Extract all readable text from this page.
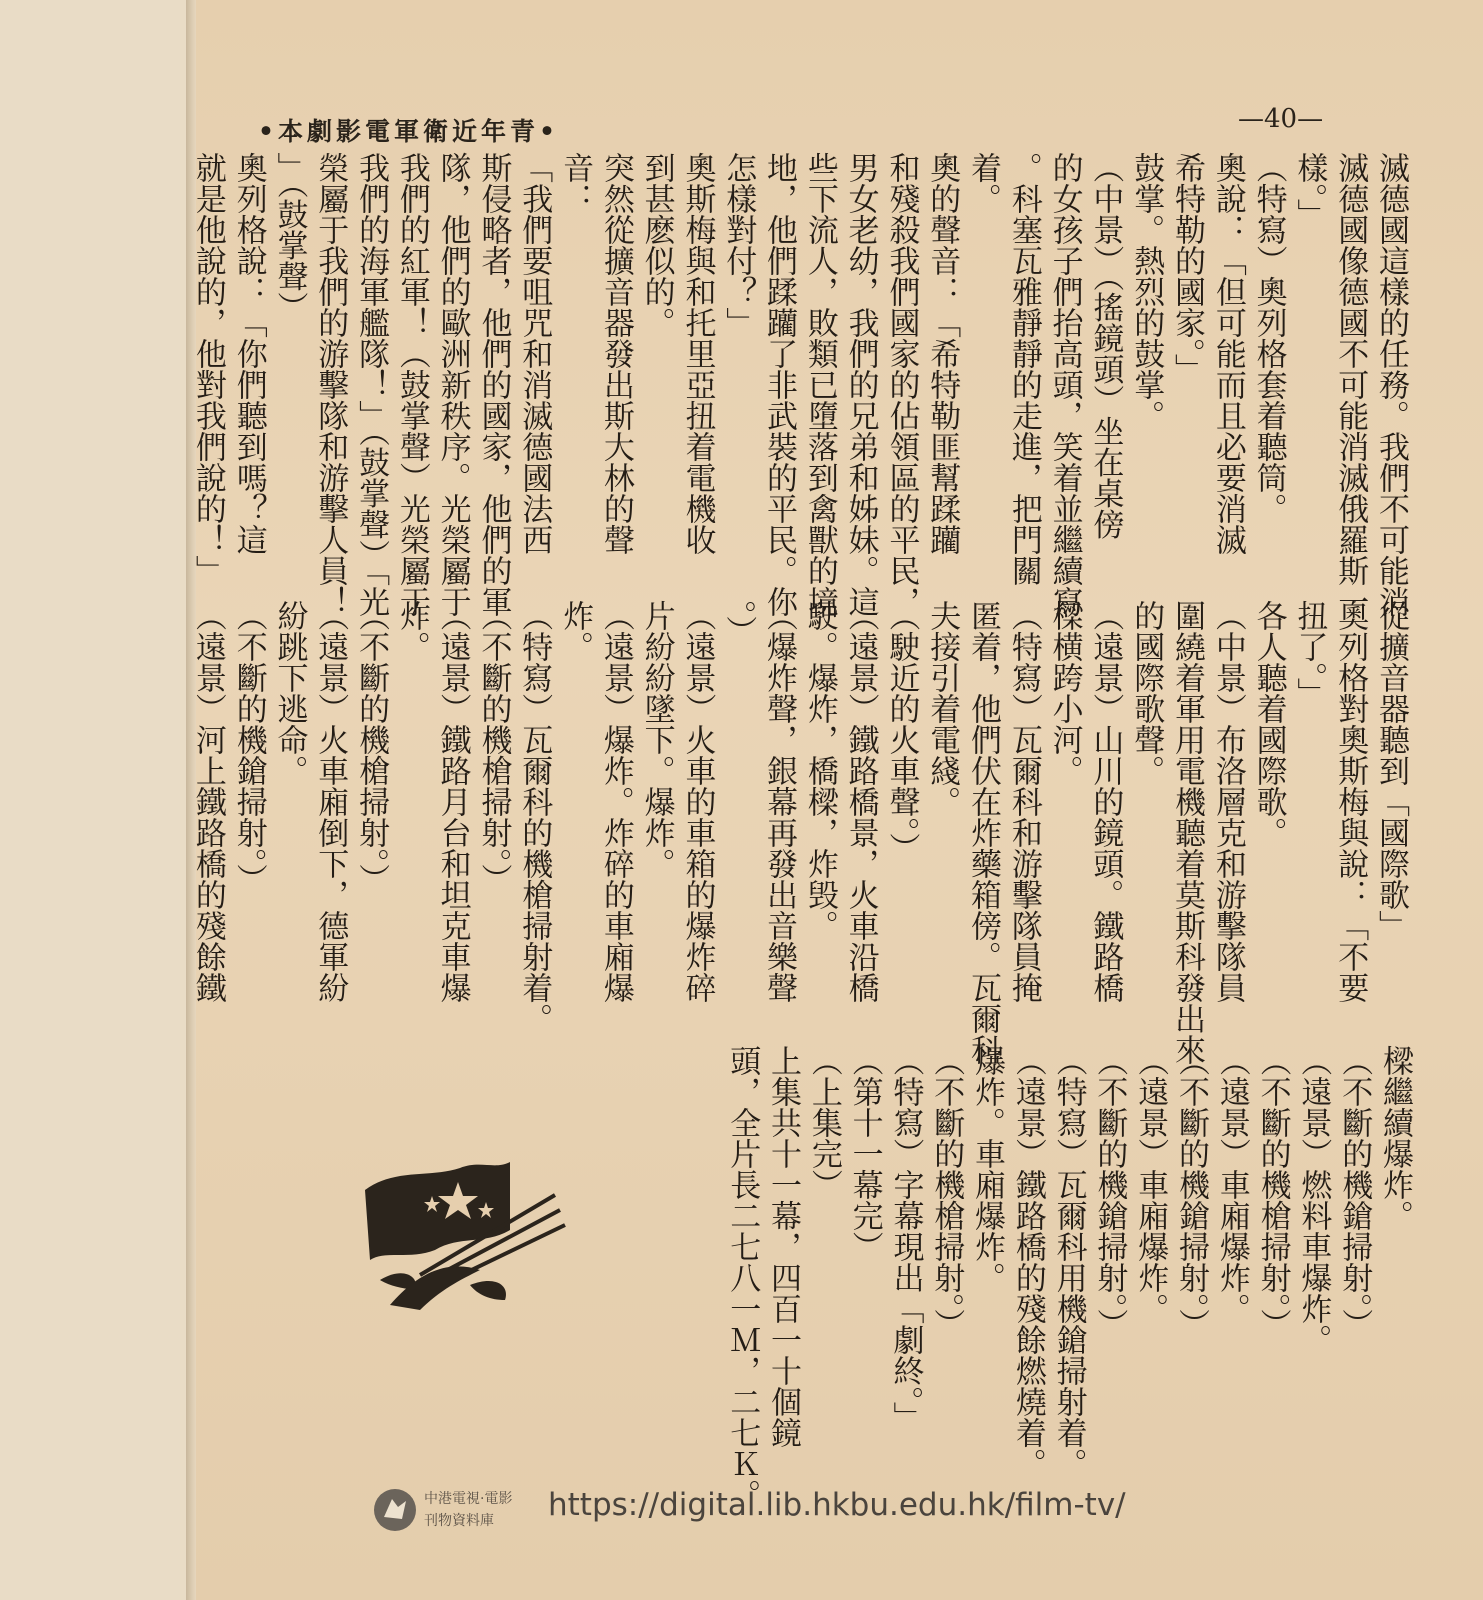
•本劇影電軍衛近年青•	—40—
滅德國這樣的任務。我們不可能消
滅德國像德國不可能消滅俄羅斯一
樣。」
（特寫）奧列格套着聽筒。
奧說：「但可能而且必要消滅
希特勒的國家。」
鼓掌。熱烈的鼓掌。
（中景）（搖鏡頭）坐在桌傍
的女孩子們抬高頭，笑着並繼續寫
。科塞瓦雅靜靜的走進，把門關
着。
奧的聲音：「希特勒匪幫蹂躪
和殘殺我們國家的佔領區的平民，
男女老幼，我們的兄弟和姊妹。這
些下流人，敗類已墮落到禽獸的境
地，他們蹂躪了非武裝的平民。你
怎樣對付？」
奧斯梅與和托里亞扭着電機收
到甚麽似的。
突然從擴音器發出斯大林的聲
音：
「我們要咀咒和消滅德國法西
斯侵略者，他們的國家，他們的軍
隊，他們的歐洲新秩序。光榮屬于
我們的紅軍！（鼓掌聲）光榮屬于
我們的海軍艦隊！」（鼓掌聲）「光
榮屬于我們的游擊隊和游擊人員！
」（鼓掌聲）
奧列格說：「你們聽到嗎？這
就是他說的，他對我們說的！」
從擴音器聽到「國際歌」
奧列格對奧斯梅與說：「不要
扭了。」
各人聽着國際歌。
（中景）布洛層克和游擊隊員
圍繞着軍用電機聽着莫斯科發出來
的國際歌聲。
（遠景）山川的鏡頭。鐵路橋
樑横跨小河。
（特寫）瓦爾科和游擊隊員掩
匿着，他們伏在炸藥箱傍。瓦爾科
夫接引着電綫。
（駛近的火車聲。）
（遠景）鐵路橋景，火車沿橋
駛。爆炸，橋樑，炸毁。
（爆炸聲，銀幕再發出音樂聲
。）
（遠景）火車的車箱的爆炸碎
片紛紛墜下。爆炸。
（遠景）爆炸。炸碎的車廂爆
炸。
（特寫）瓦爾科的機槍掃射着。
（不斷的機槍掃射。）
（遠景）鐵路月台和坦克車爆
炸。
（不斷的機槍掃射。）
（遠景）火車廂倒下，德軍紛
紛跳下逃命。
（不斷的機鎗掃射。）
（遠景）河上鐵路橋的殘餘鐵
樑繼續爆炸。
（不斷的機鎗掃射。）
（遠景）燃料車爆炸。
（不斷的機槍掃射。）
（遠景）車廂爆炸。
（不斷的機鎗掃射。）
（遠景）車廂爆炸。
（不斷的機鎗掃射。）
（特寫）瓦爾科用機鎗掃射着。
（遠景）鐵路橋的殘餘燃燒着。
爆炸。車廂爆炸。
（不斷的機槍掃射。）
（特寫）字幕現出「劇終。」
（第十一幕完）
（上集完）
上集共十一幕，四百一十個鏡
頭，全片長二七八一Ｍ，二七Ｋ。
中港電視·電影
刊物資料庫 https://digital.lib.hkbu.edu.hk/film-tv/
